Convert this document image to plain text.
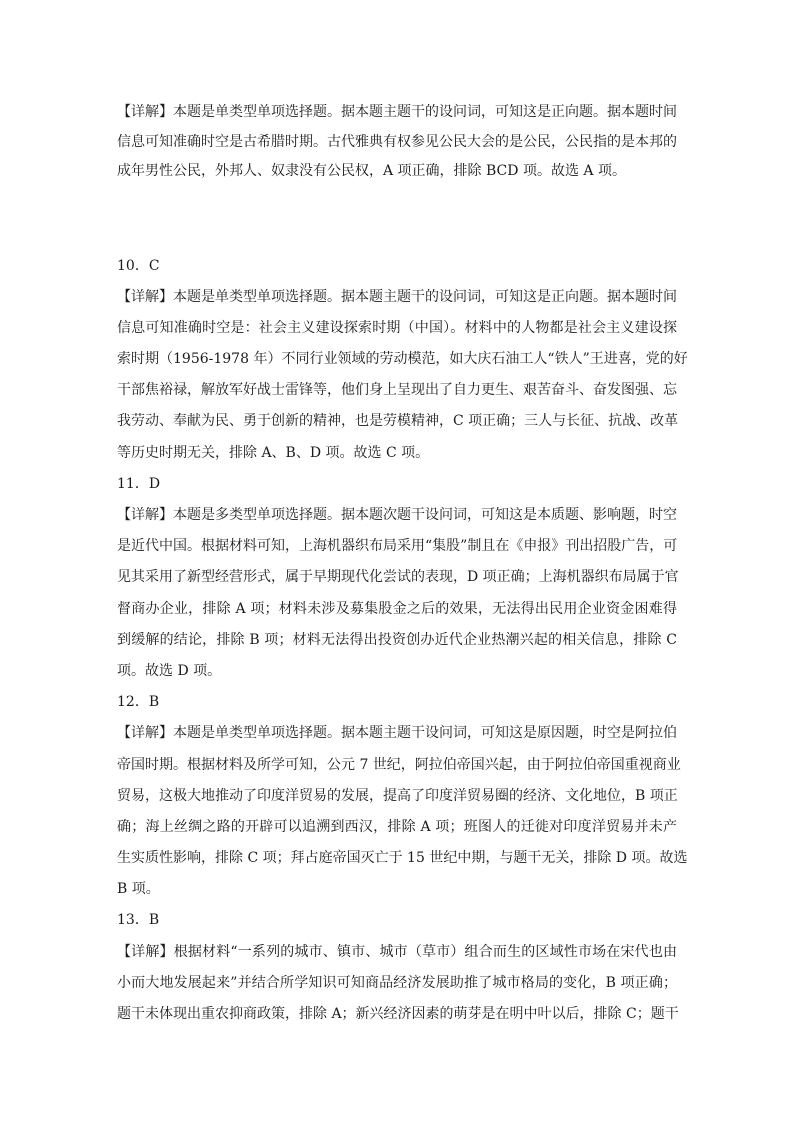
【详解】本题是单类型单项选择题。据本题主题干的设问词，可知这是正向题。据本题时间
信息可知准确时空是古希腊时期。古代雅典有权参见公民大会的是公民，公民指的是本邦的
成年男性公民，外邦人、奴隶没有公民权，A 项正确，排除 BCD 项。故选 A 项。
10．C
【详解】本题是单类型单项选择题。据本题主题干的设问词，可知这是正向题。据本题时间
信息可知准确时空是：社会主义建设探索时期（中国）。材料中的人物都是社会主义建设探
索时期（1956-1978 年）不同行业领域的劳动模范，如大庆石油工人“铁人”王进喜，党的好
干部焦裕禄，解放军好战士雷锋等，他们身上呈现出了自力更生、艰苦奋斗、奋发图强、忘
我劳动、奉献为民、勇于创新的精神，也是劳模精神，C 项正确；三人与长征、抗战、改革
等历史时期无关，排除 A、B、D 项。故选 C 项。
11．D
【详解】本题是多类型单项选择题。据本题次题干设问词，可知这是本质题、影响题，时空
是近代中国。根据材料可知，上海机器织布局采用“集股”制且在《申报》刊出招股广告，可
见其采用了新型经营形式，属于早期现代化尝试的表现，D 项正确；上海机器织布局属于官
督商办企业，排除 A 项；材料未涉及募集股金之后的效果，无法得出民用企业资金困难得
到缓解的结论，排除 B 项；材料无法得出投资创办近代企业热潮兴起的相关信息，排除 C
项。故选 D 项。
12．B
【详解】本题是单类型单项选择题。据本题主题干设问词，可知这是原因题，时空是阿拉伯
帝国时期。根据材料及所学可知，公元 7 世纪，阿拉伯帝国兴起，由于阿拉伯帝国重视商业
贸易，这极大地推动了印度洋贸易的发展，提高了印度洋贸易圈的经济、文化地位，B 项正
确；海上丝绸之路的开辟可以追溯到西汉，排除 A 项；班图人的迁徙对印度洋贸易并未产
生实质性影响，排除 C 项；拜占庭帝国灭亡于 15 世纪中期，与题干无关，排除 D 项。故选
B 项。
13．B
【详解】根据材料“一系列的城市、镇市、城市（草市）组合而生的区域性市场在宋代也由
小而大地发展起来”并结合所学知识可知商品经济发展助推了城市格局的变化，B 项正确；
题干未体现出重农抑商政策，排除 A；新兴经济因素的萌芽是在明中叶以后，排除 C；题干
